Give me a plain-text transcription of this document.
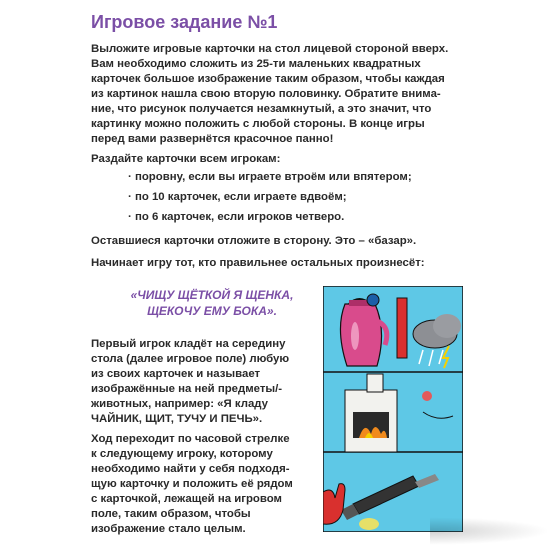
Игровое задание №1

Выложите игровые карточки на стол лицевой стороной вверх.

Вам необходимо сложить из 25-ти маленьких квадратных

карточек большое изображение таким образом, чтобы каждая

из картинок нашла свою вторую половинку. Обратите внима-

ние, что рисунок получается незамкнутый, а это значит, что

картинку можно положить с любой стороны. В конце игры

перед вами развернётся красочное панно!

Раздайте карточки всем игрокам:

· поровну, если вы играете втроём или впятером;
· по 10 карточек, если играете вдвоём;
· по 6 карточек, если игроков четверо.

Оставшиеся карточки отложите в сторону. Это – «базар».

Начинает игру тот, кто правильнее остальных произнесёт:

«ЧИЩУ ЩЁТКОЙ Я ЩЕНКА,
ЩЕКОЧУ ЕМУ БОКА».

Первый игрок кладёт на середину

стола (далее игровое поле) любую

из своих карточек и называет

изображённые на ней предметы/-

животных, например: «Я кладу

ЧАЙНИК, ЩИТ, ТУЧУ И ПЕЧЬ».

Ход переходит по часовой стрелке

к следующему игроку, которому

необходимо найти у себя подходя-

щую карточку и положить её рядом

с карточкой, лежащей на игровом

поле, таким образом, чтобы

изображение стало целым.
